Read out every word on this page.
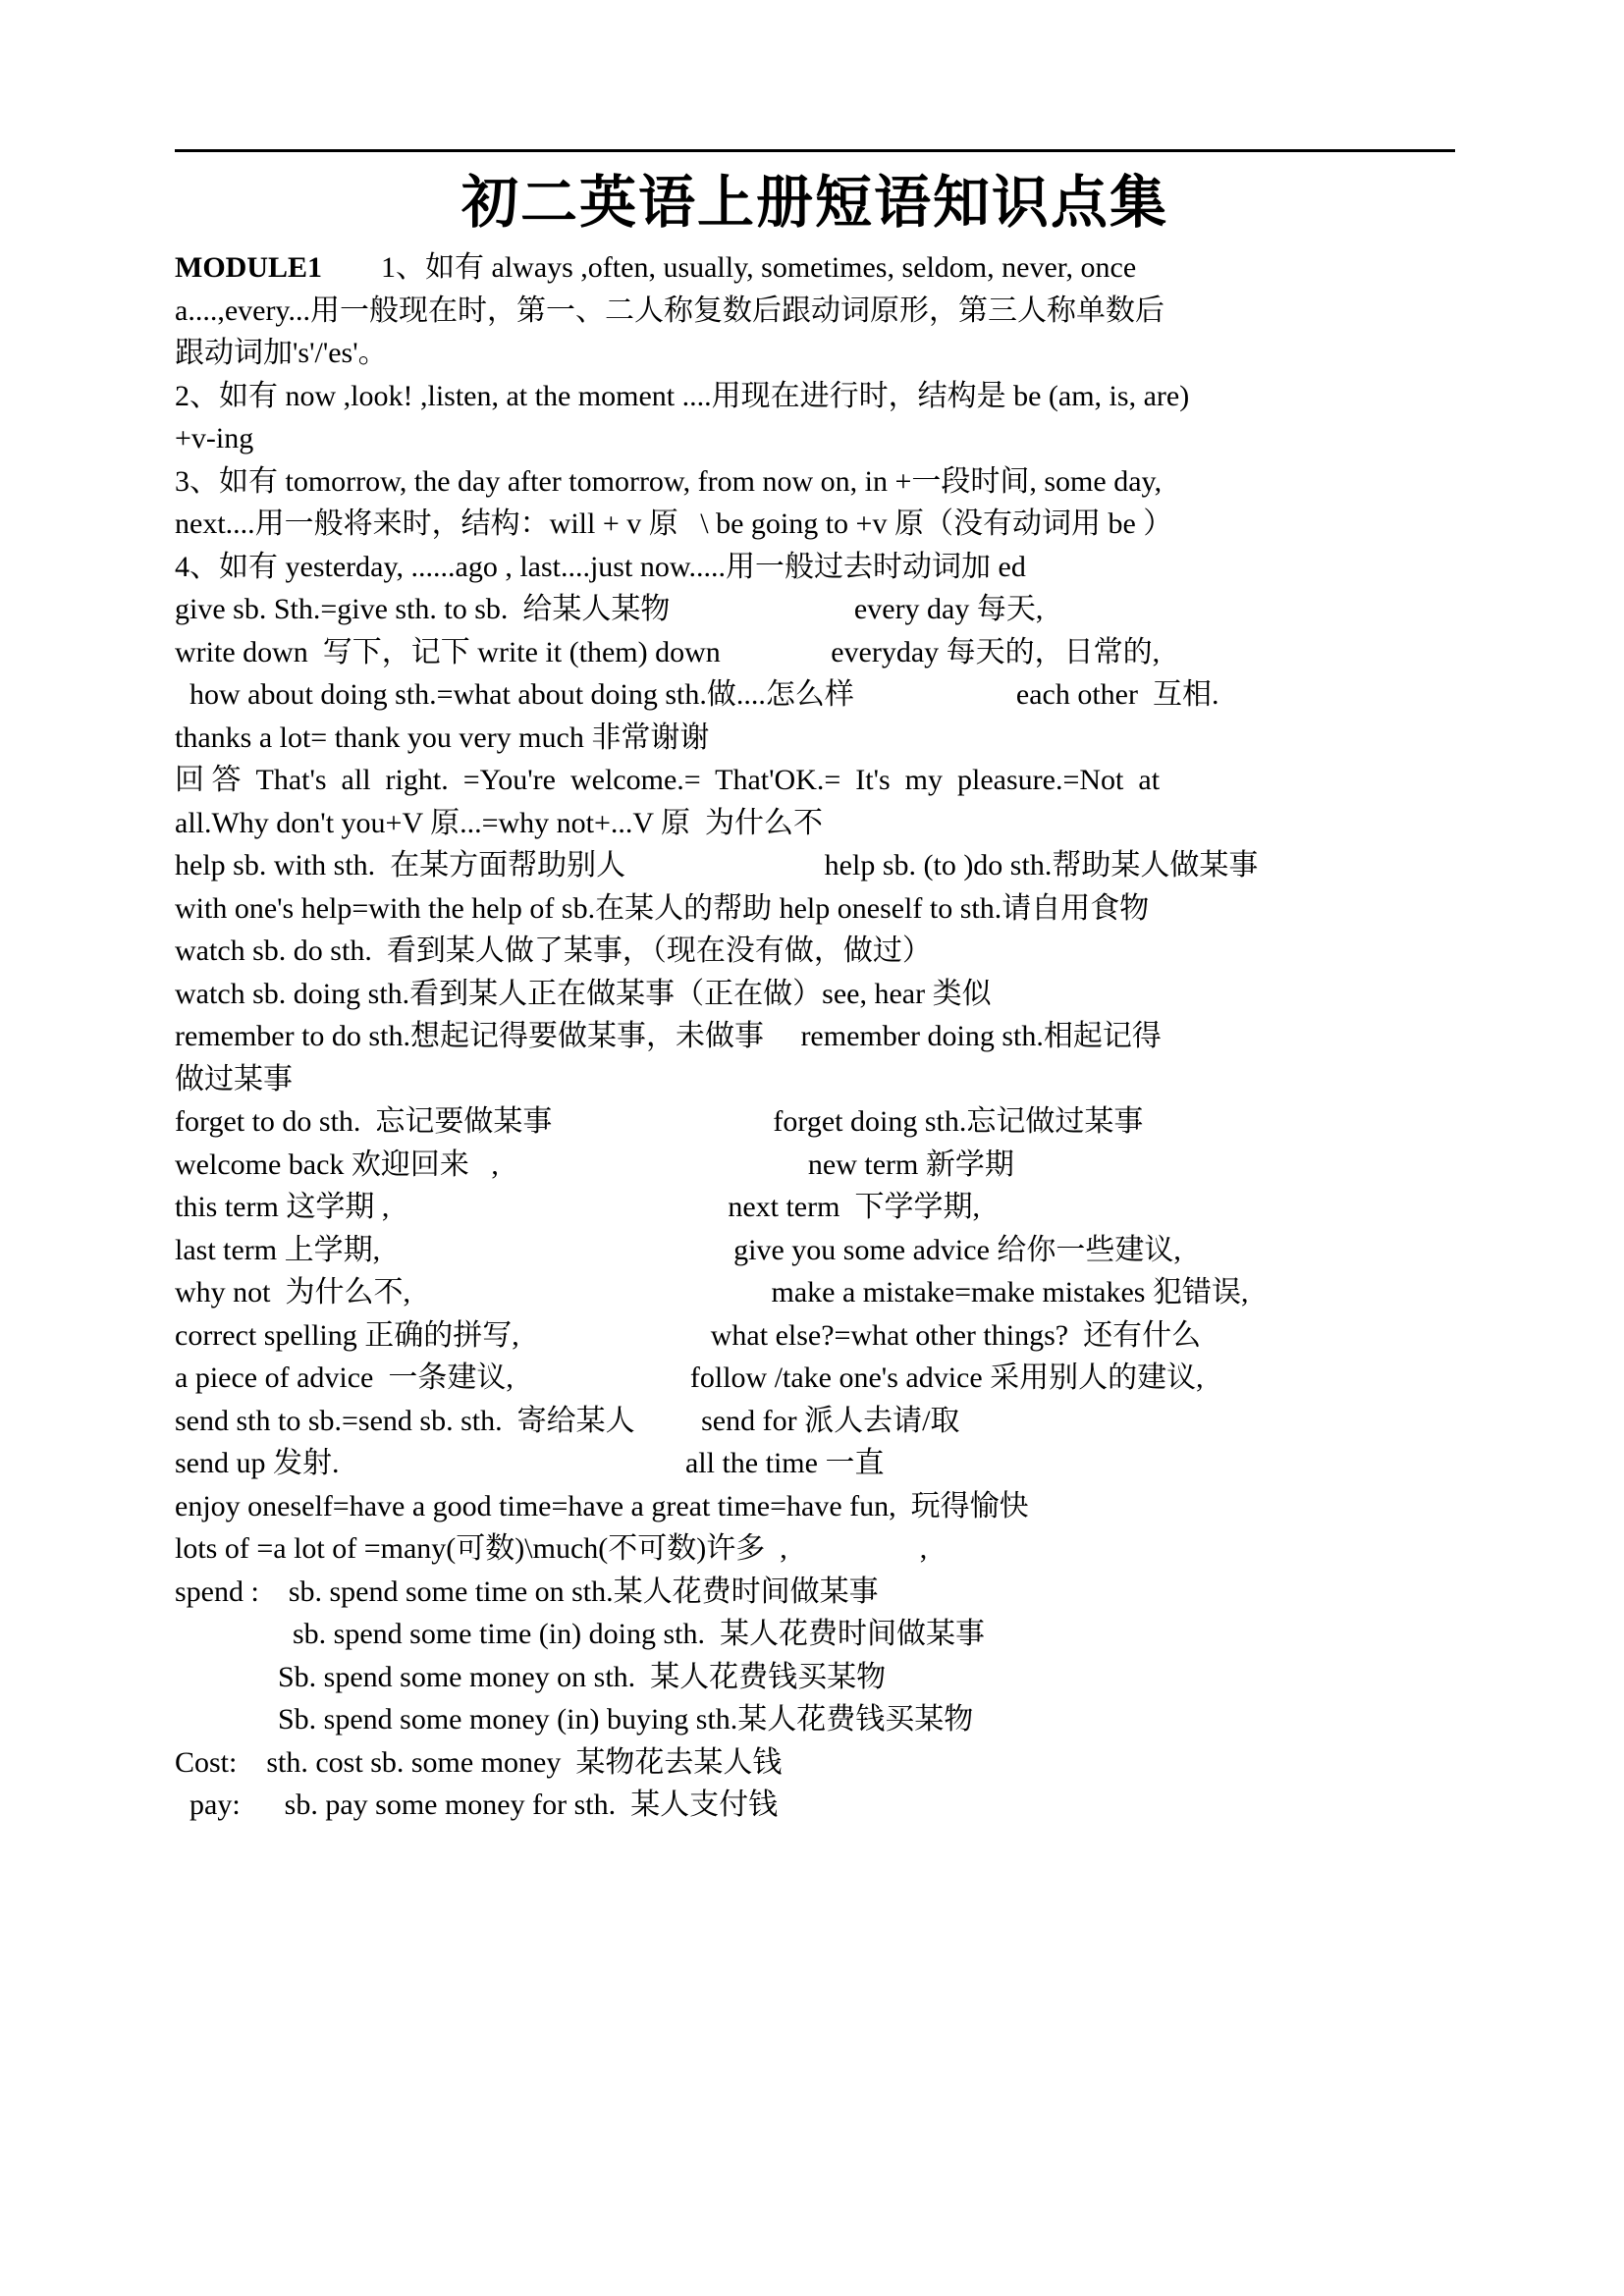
初二英语上册短语知识点集
MODULE1        1、如有 always ,often, usually, sometimes, seldom, never, once
a....,every...用一般现在时，第一、二人称复数后跟动词原形，第三人称单数后
跟动词加's'/'es'。
2、如有 now ,look! ,listen, at the moment ....用现在进行时，结构是 be (am, is, are)
+v-ing
3、如有 tomorrow, the day after tomorrow, from now on, in +一段时间, some day,
next....用一般将来时，结构：will + v 原   \ be going to +v 原（没有动词用 be ）
4、如有 yesterday, ......ago , last....just now.....用一般过去时动词加 ed
give sb. Sth.=give sth. to sb.  给某人某物                         every day 每天,
write down  写下，记下 write it (them) down               everyday 每天的，日常的,
how about doing sth.=what about doing sth.做....怎么样                      each other  互相.
thanks a lot= thank you very much 非常谢谢
回 答  That's  all  right.  =You're  welcome.=  That'OK.=  It's  my  pleasure.=Not  at
all.Why don't you+V 原...=why not+...V 原  为什么不
help sb. with sth.  在某方面帮助别人                           help sb. (to )do sth.帮助某人做某事
with one's help=with the help of sb.在某人的帮助 help oneself to sth.请自用食物
watch sb. do sth.  看到某人做了某事，（现在没有做，做过）
watch sb. doing sth.看到某人正在做某事（正在做）see, hear 类似
remember to do sth.想起记得要做某事，未做事     remember doing sth.相起记得
做过某事
forget to do sth.  忘记要做某事                              forget doing sth.忘记做过某事
welcome back 欢迎回来   ,                                          new term 新学期
this term 这学期 ,                                              next term  下学学期,
last term 上学期,                                                give you some advice 给你一些建议,
why not  为什么不,                                                 make a mistake=make mistakes 犯错误,
correct spelling 正确的拼写,                          what else?=what other things?  还有什么
a piece of advice  一条建议,                        follow /take one's advice 采用别人的建议,
send sth to sb.=send sb. sth.  寄给某人         send for 派人去请/取
send up 发射.                                               all the time 一直
enjoy oneself=have a good time=have a great time=have fun,  玩得愉快
lots of =a lot of =many(可数)\much(不可数)许多  ,                  ,
spend :    sb. spend some time on sth.某人花费时间做某事
sb. spend some time (in) doing sth.  某人花费时间做某事
Sb. spend some money on sth.  某人花费钱买某物
Sb. spend some money (in) buying sth.某人花费钱买某物
Cost:    sth. cost sb. some money  某物花去某人钱
pay:      sb. pay some money for sth.  某人支付钱
